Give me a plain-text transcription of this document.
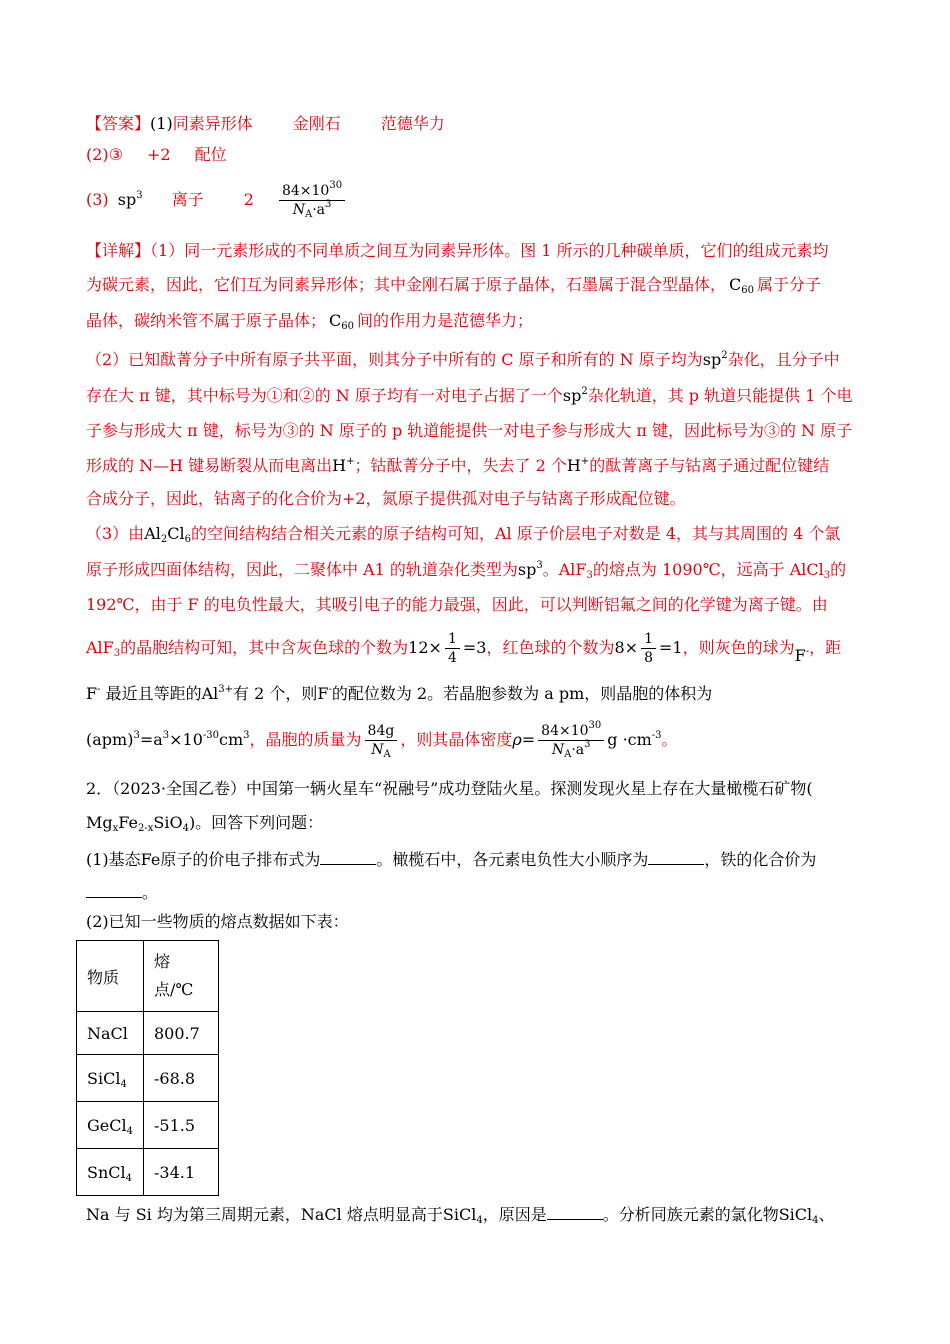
【答案】(1)同素异形体	金刚石	范德华力
(2)③ +2 配位
(3) $sp^3$ 离子	$2 \frac{84\times 10^{30}}{N_A\cdot a^3}$
【详解】（1）同一元素形成的不同单质之间互为同素异形体。图 1 所示的几种碳单质，它们的组成元素均
为碳元素，因此，它们互为同素异形体；其中金刚石属于原子晶体，石墨属于混合型晶体， $C_{60}$ 属于分子
晶体，碳纳米管不属于原子晶体； $C_{60}$ 间的作用力是范德华力；
（2）已知酞菁分子中所有原子共平面，则其分子中所有的 C 原子和所有的 N 原子均为$sp^2$杂化，且分子中
存在大 π 键，其中标号为①和②的 N 原子均有一对电子占据了一个$sp^2$杂化轨道，其 p 轨道只能提供 1 个电
子参与形成大 π 键，标号为③的 N 原子的 p 轨道能提供一对电子参与形成大 π 键，因此标号为③的 N 原子
形成的 N—H 键易断裂从而电离出H+；钴酞菁分子中，失去了 2 个H+的酞菁离子与钴离子通过配位键结
合成分子，因此，钴离子的化合价为+2，氮原子提供孤对电子与钴离子形成配位键。
（3）由$Al_2Cl_6$的空间结构结合相关元素的原子结构可知，Al 原子价层电子对数是 4，其与其周围的 4 个氯
原子形成四面体结构，因此，二聚体中 A1 的轨道杂化类型为$sp^3$。AlF$_3$的熔点为 1090℃，远高于 AlCl$_3$的
192℃，由于 F 的电负性最大，其吸引电子的能力最强，因此，可以判断铝氟之间的化学键为离子键。由
AlF$_3$的晶胞结构可知，其中含灰色球的个数为$12\times \frac{1}{4} =3$，红色球的个数为$8\times \frac{1}{8} =1$，则灰色的球为F-，距
F- 最近且等距的$Al^{3+}$有 2 个，则F-的配位数为 2。若晶胞参数为 a pm，则晶胞的体积为
$(apm)^3=a^3\times 10^{-30}cm^3$，晶胞的质量为 $\frac{84g}{N_A}$ ，则其晶体密度$\rho= \frac{84\times 10^{30}}{N_A\cdot a^3}$ $g \cdot cm^{-3}$。
2．（2023·全国乙卷）中国第一辆火星车“祝融号”成功登陆火星。探测发现火星上存在大量橄榄石矿物(
$Mg_xFe_{2-x}SiO_4$)。回答下列问题：
(1)基态Fe原子的价电子排布式为	。橄榄石中，各元素电负性大小顺序为	，铁的化合价为
。
(2)已知一些物质的熔点数据如下表：
物质	熔
点/℃
NaCl	800.7
SiCl$_4$	-68.8
GeCl$_4$	-51.5
SnCl$_4$	-34.1
Na 与 Si 均为第三周期元素，NaCl 熔点明显高于SiCl$_4$，原因是	。分析同族元素的氯化物SiCl$_4$、
